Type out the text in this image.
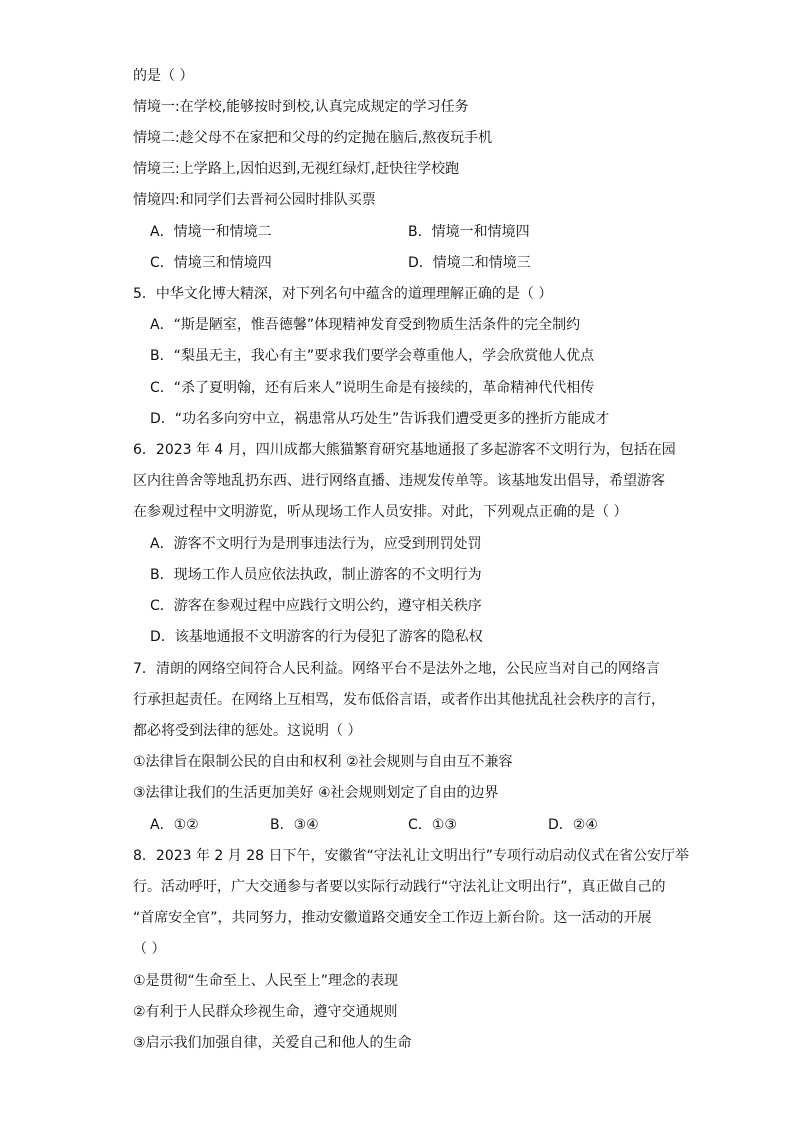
的是（ ）
情境一:在学校,能够按时到校,认真完成规定的学习任务
情境二:趁父母不在家把和父母的约定抛在脑后,熬夜玩手机
情境三:上学路上,因怕迟到,无视红绿灯,赶快往学校跑
情境四:和同学们去晋祠公园时排队买票
A．情境一和情境二	B．情境一和情境四
C．情境三和情境四	D．情境二和情境三
5．中华文化博大精深，对下列名句中蕴含的道理理解正确的是（ ）
A．“斯是陋室，惟吾德馨”体现精神发育受到物质生活条件的完全制约
B．“梨虽无主，我心有主”要求我们要学会尊重他人，学会欣赏他人优点
C．“杀了夏明翰，还有后来人”说明生命是有接续的，革命精神代代相传
D．“功名多向穷中立，祸患常从巧处生”告诉我们遭受更多的挫折方能成才
6．2023 年 4 月，四川成都大熊猫繁育研究基地通报了多起游客不文明行为，包括在园
区内往兽舍等地乱扔东西、进行网络直播、违规发传单等。该基地发出倡导，希望游客
在参观过程中文明游览，听从现场工作人员安排。对此，下列观点正确的是（ ）
A．游客不文明行为是刑事违法行为，应受到刑罚处罚
B．现场工作人员应依法执政，制止游客的不文明行为
C．游客在参观过程中应践行文明公约，遵守相关秩序
D．该基地通报不文明游客的行为侵犯了游客的隐私权
7．清朗的网络空间符合人民利益。网络平台不是法外之地，公民应当对自己的网络言
行承担起责任。在网络上互相骂，发布低俗言语，或者作出其他扰乱社会秩序的言行，
都必将受到法律的惩处。这说明（ ）
①法律旨在限制公民的自由和权利 ②社会规则与自由互不兼容
③法律让我们的生活更加美好 ④社会规则划定了自由的边界
A．①②	B．③④	C．①③	D．②④
8．2023 年 2 月 28 日下午，安徽省“守法礼让文明出行”专项行动启动仪式在省公安厅举
行。活动呼吁，广大交通参与者要以实际行动践行“守法礼让文明出行”，真正做自己的
“首席安全官”，共同努力，推动安徽道路交通安全工作迈上新台阶。这一活动的开展
（ ）
①是贯彻“生命至上、人民至上”理念的表现
②有利于人民群众珍视生命，遵守交通规则
③启示我们加强自律，关爱自己和他人的生命
